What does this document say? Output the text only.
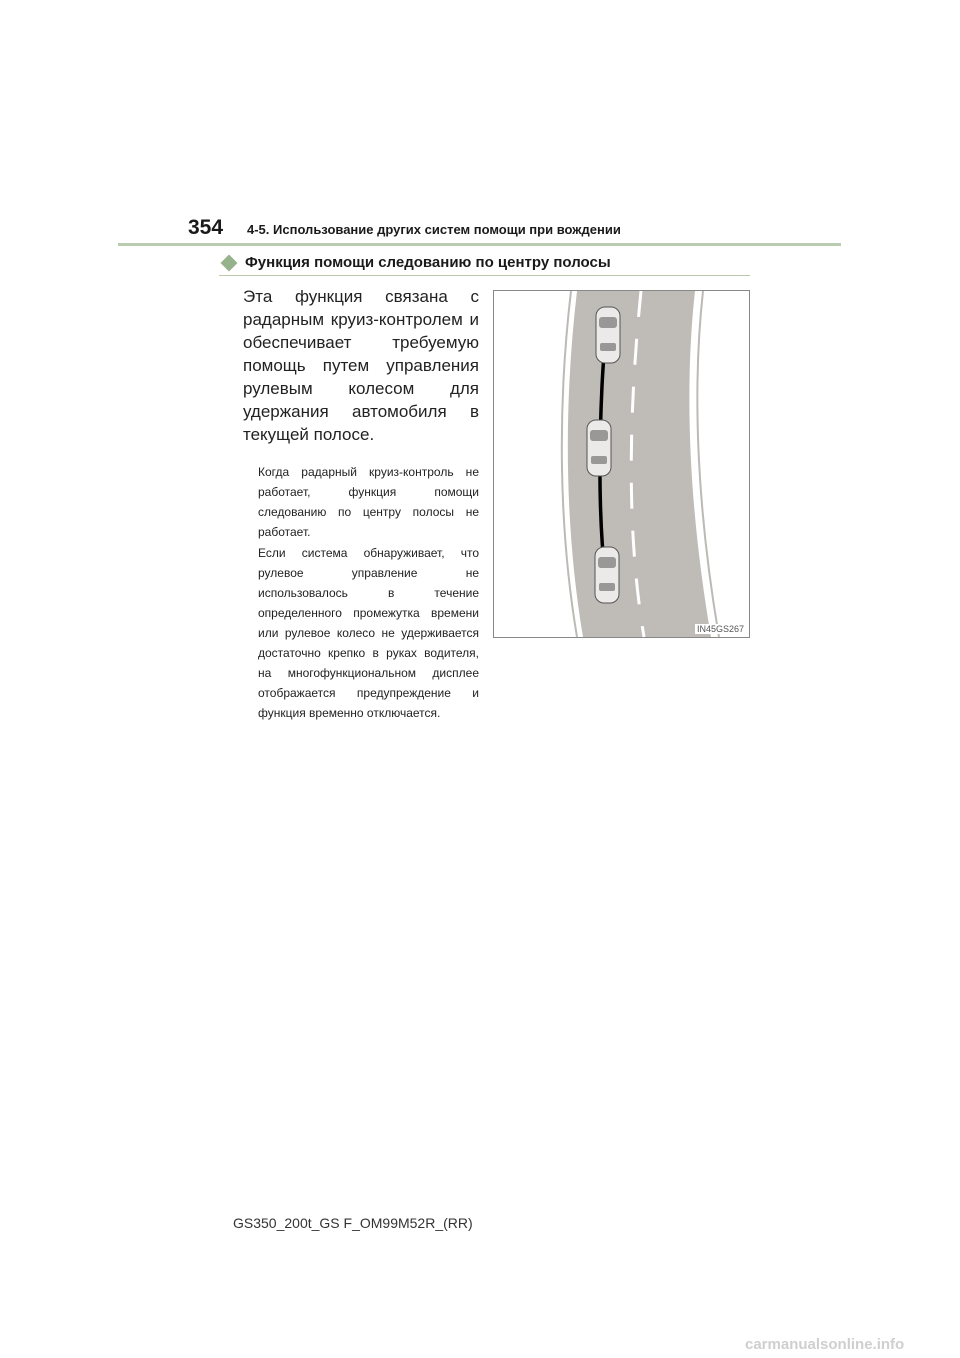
354 4-5. Использование других систем помощи при вождении
Функция помощи следованию по центру полосы

Эта функция связана с радарным круиз-контролем и обеспечивает требуемую помощь путем управления рулевым колесом для удержания автомобиля в текущей полосе.

Когда радарный круиз-контроль не работает, функция помощи следованию по центру полосы не работает.

Если система обнаруживает, что рулевое управление не использовалось в течение определенного промежутка времени или рулевое колесо не удерживается достаточно крепко в руках водителя, на многофункциональном дисплее отображается предупреждение и функция временно отключается.

IN45GS267
GS350_200t_GS F_OM99M52R_(RR)
carmanualsonline.info
